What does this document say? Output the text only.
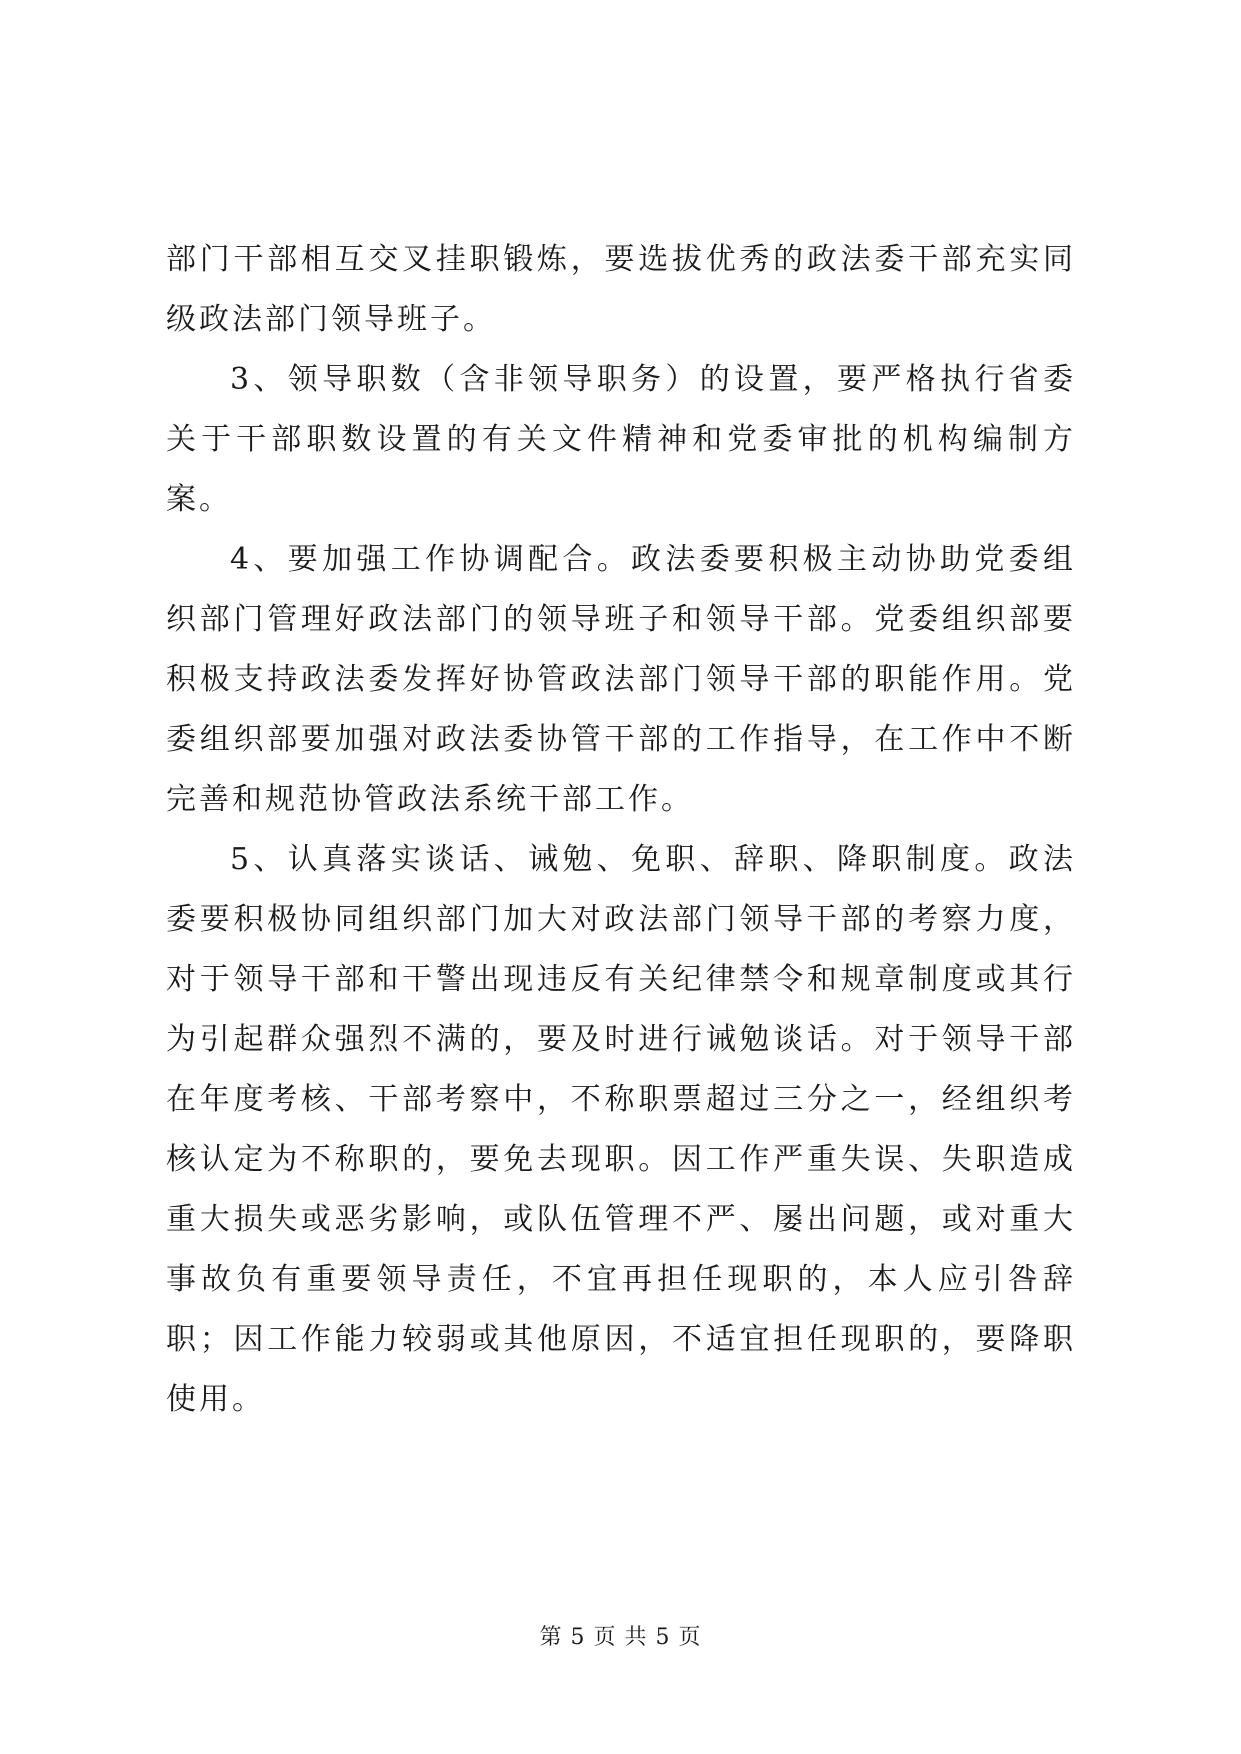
部门干部相互交叉挂职锻炼，要选拔优秀的政法委干部充实同级政法部门领导班子。

3、领导职数（含非领导职务）的设置，要严格执行省委关于干部职数设置的有关文件精神和党委审批的机构编制方案。

4、要加强工作协调配合。政法委要积极主动协助党委组织部门管理好政法部门的领导班子和领导干部。党委组织部要积极支持政法委发挥好协管政法部门领导干部的职能作用。党委组织部要加强对政法委协管干部的工作指导，在工作中不断完善和规范协管政法系统干部工作。

5、认真落实谈话、诫勉、免职、辞职、降职制度。政法委要积极协同组织部门加大对政法部门领导干部的考察力度，对于领导干部和干警出现违反有关纪律禁令和规章制度或其行为引起群众强烈不满的，要及时进行诫勉谈话。对于领导干部在年度考核、干部考察中，不称职票超过三分之一，经组织考核认定为不称职的，要免去现职。因工作严重失误、失职造成重大损失或恶劣影响，或队伍管理不严、屡出问题，或对重大事故负有重要领导责任，不宜再担任现职的，本人应引咎辞职；因工作能力较弱或其他原因，不适宜担任现职的，要降职使用。

第 5 页 共 5 页
